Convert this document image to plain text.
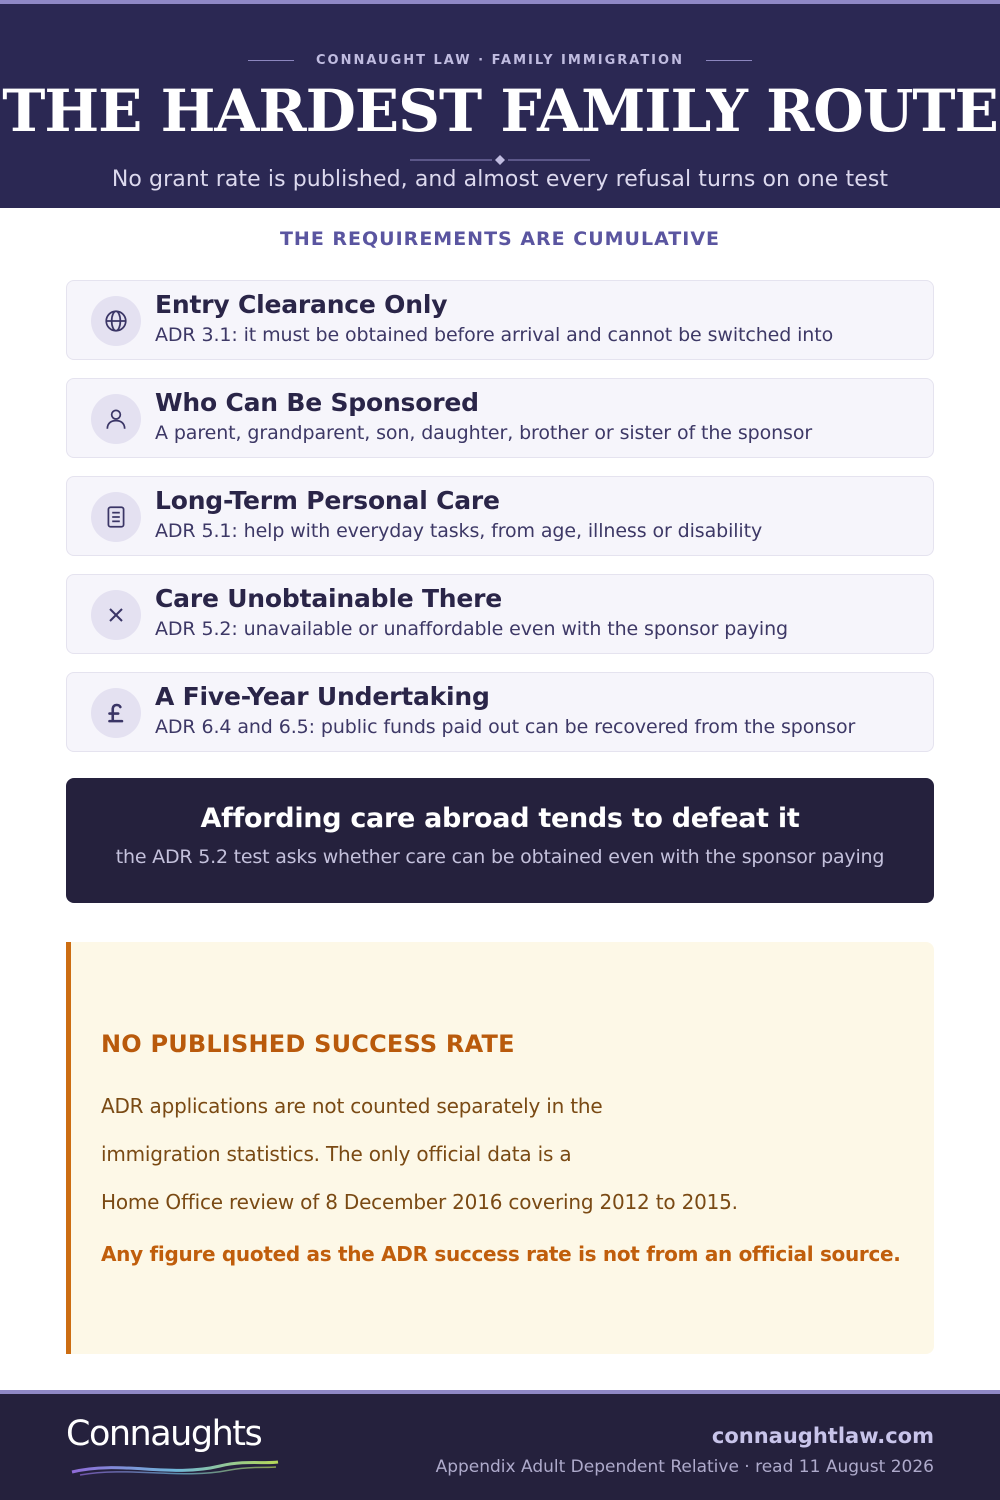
CONNAUGHT LAW · FAMILY IMMIGRATION
THE HARDEST FAMILY ROUTE
No grant rate is published, and almost every refusal turns on one test
THE REQUIREMENTS ARE CUMULATIVE
Entry Clearance Only
ADR 3.1: it must be obtained before arrival and cannot be switched into
Who Can Be Sponsored
A parent, grandparent, son, daughter, brother or sister of the sponsor
Long-Term Personal Care
ADR 5.1: help with everyday tasks, from age, illness or disability
Care Unobtainable There
ADR 5.2: unavailable or unaffordable even with the sponsor paying
A Five-Year Undertaking
ADR 6.4 and 6.5: public funds paid out can be recovered from the sponsor
Affording care abroad tends to defeat it
the ADR 5.2 test asks whether care can be obtained even with the sponsor paying
NO PUBLISHED SUCCESS RATE
ADR applications are not counted separately in the
immigration statistics. The only official data is a
Home Office review of 8 December 2016 covering 2012 to 2015.
Any figure quoted as the ADR success rate is not from an official source.
Connaughts	connaughtlaw.com
Appendix Adult Dependent Relative · read 11 August 2026
